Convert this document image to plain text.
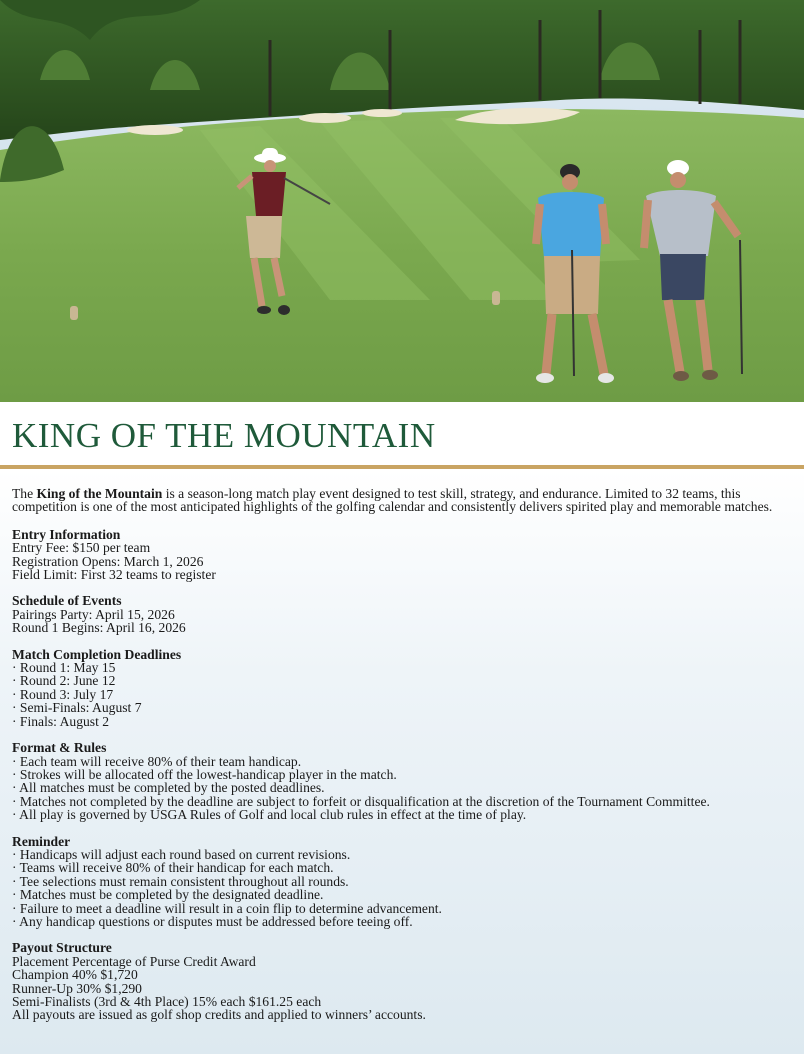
KING OF THE MOUNTAIN

The King of the Mountain is a season-long match play event designed to test skill, strategy, and endurance. Limited to 32 teams, this competition is one of the most anticipated highlights of the golfing calendar and consistently delivers spirited play and memorable matches.

Entry Information
Entry Fee: $150 per team
Registration Opens: March 1, 2026
Field Limit: First 32 teams to register
Schedule of Events
Pairings Party: April 15, 2026
Round 1 Begins: April 16, 2026
Match Completion Deadlines
· Round 1: May 15
· Round 2: June 12
· Round 3: July 17
· Semi-Finals: August 7
· Finals: August 2
Format & Rules
· Each team will receive 80% of their team handicap.
· Strokes will be allocated off the lowest-handicap player in the match.
· All matches must be completed by the posted deadlines.
· Matches not completed by the deadline are subject to forfeit or disqualification at the discretion of the Tournament Committee.
· All play is governed by USGA Rules of Golf and local club rules in effect at the time of play.
Reminder
· Handicaps will adjust each round based on current revisions.
· Teams will receive 80% of their handicap for each match.
· Tee selections must remain consistent throughout all rounds.
· Matches must be completed by the designated deadline.
· Failure to meet a deadline will result in a coin flip to determine advancement.
· Any handicap questions or disputes must be addressed before teeing off.
Payout Structure
Placement Percentage of Purse Credit Award
Champion 40% $1,720
Runner-Up 30% $1,290
Semi-Finalists (3rd & 4th Place) 15% each $161.25 each
All payouts are issued as golf shop credits and applied to winners’ accounts.
